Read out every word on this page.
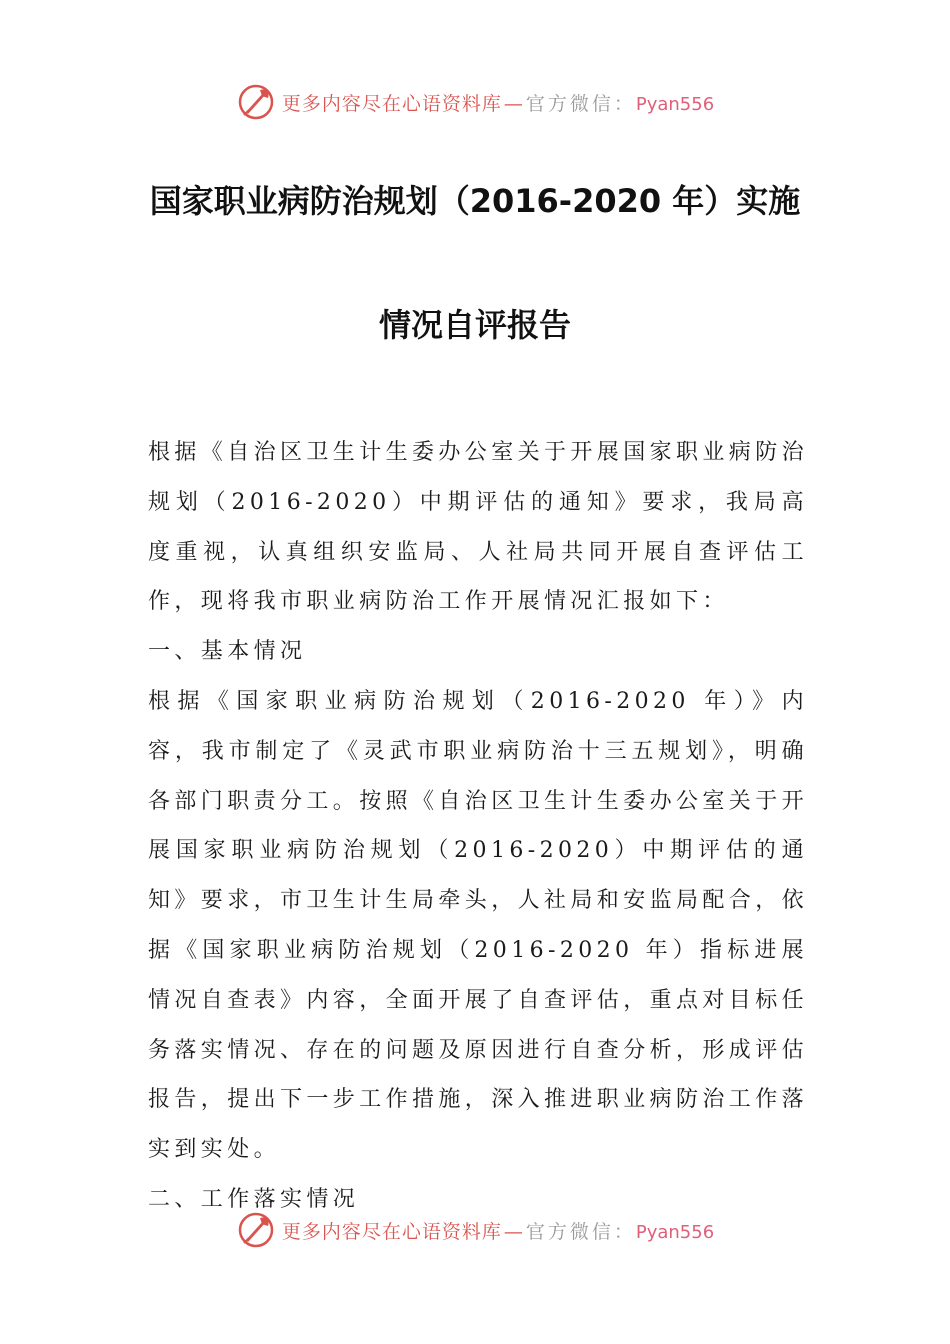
更多内容尽在心语资料库 — 官方微信：Pyan556
国家职业病防治规划（2016-2020 年）实施
情况自评报告

根据《自治区卫生计生委办公室关于开展国家职业病防治规划（2016-2020）中期评估的通知》要求，我局高度重视，认真组织安监局、人社局共同开展自查评估工作，现将我市职业病防治工作开展情况汇报如下：

一、基本情况

根据《国家职业病防治规划（2016-2020 年）》内容，我市制定了《灵武市职业病防治十三五规划》，明确各部门职责分工。按照《自治区卫生计生委办公室关于开展国家职业病防治规划（2016-2020）中期评估的通知》要求，市卫生计生局牵头，人社局和安监局配合，依据《国家职业病防治规划（2016-2020 年）指标进展情况自查表》内容，全面开展了自查评估，重点对目标任务落实情况、存在的问题及原因进行自查分析，形成评估报告，提出下一步工作措施，深入推进职业病防治工作落实到实处。

二、工作落实情况

更多内容尽在心语资料库 — 官方微信：Pyan556
